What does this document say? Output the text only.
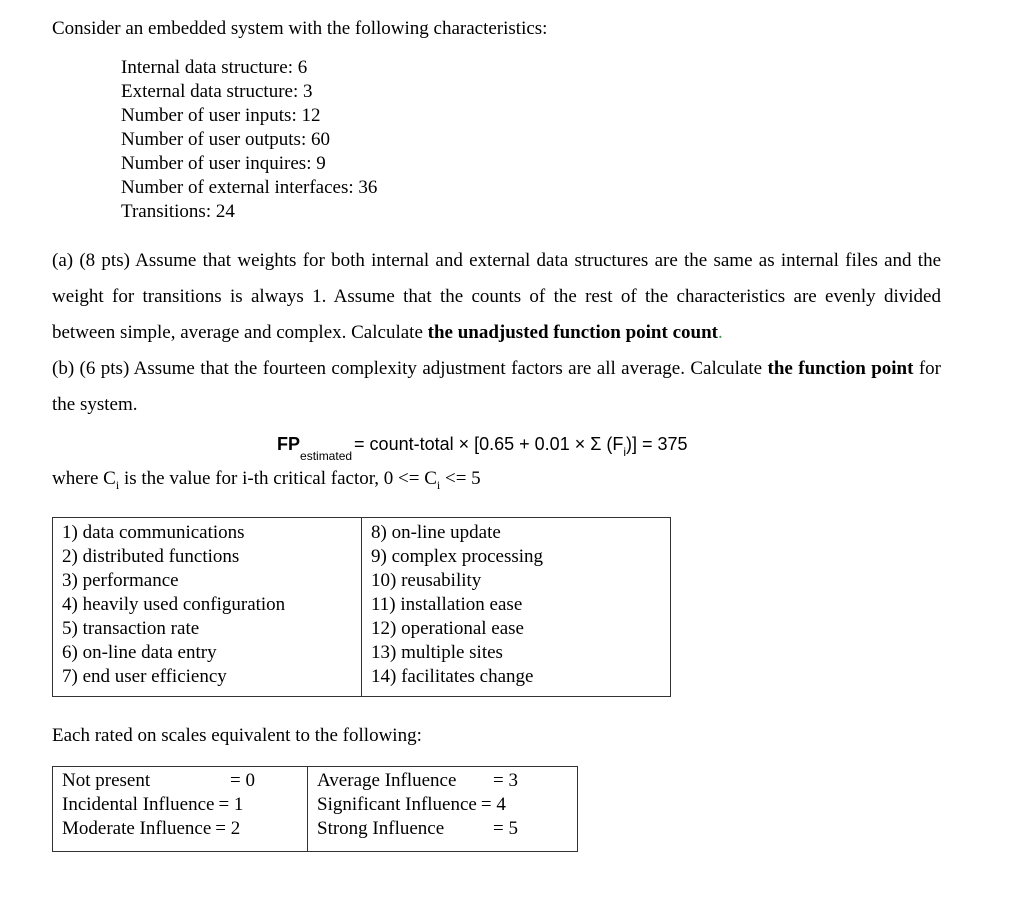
Consider an embedded system with the following characteristics:
Internal data structure: 6
External data structure: 3
Number of user inputs: 12
Number of user outputs: 60
Number of user inquires: 9
Number of external interfaces: 36
Transitions: 24

(a) (8 pts) Assume that weights for both internal and external data structures are the same as internal files and the weight for transitions is always 1. Assume that the counts of the rest of the characteristics are evenly divided between simple, average and complex. Calculate the unadjusted function point count.

(b) (6 pts) Assume that the fourteen complexity adjustment factors are all average. Calculate the function point for the system.

$FP_{estimated}=$ count-total × [0.65 + 0.01 × Σ $(F_i)] = 375$
where $C_i$ is the value for i-th critical factor, $0 <= C_i <= 5$
1) data communications
2) distributed functions
3) performance
4) heavily used configuration
5) transaction rate
6) on-line data entry
7) end user efficiency

8) on-line update
9) complex processing
10) reusability
11) installation ease
12) operational ease
13) multiple sites
14) facilitates change
Each rated on scales equivalent to the following:
Not present	= 0
Incidental Influence = 1
Moderate Influence = 2

Average Influence	= 3
Significant Influence = 4
Strong Influence	= 5
